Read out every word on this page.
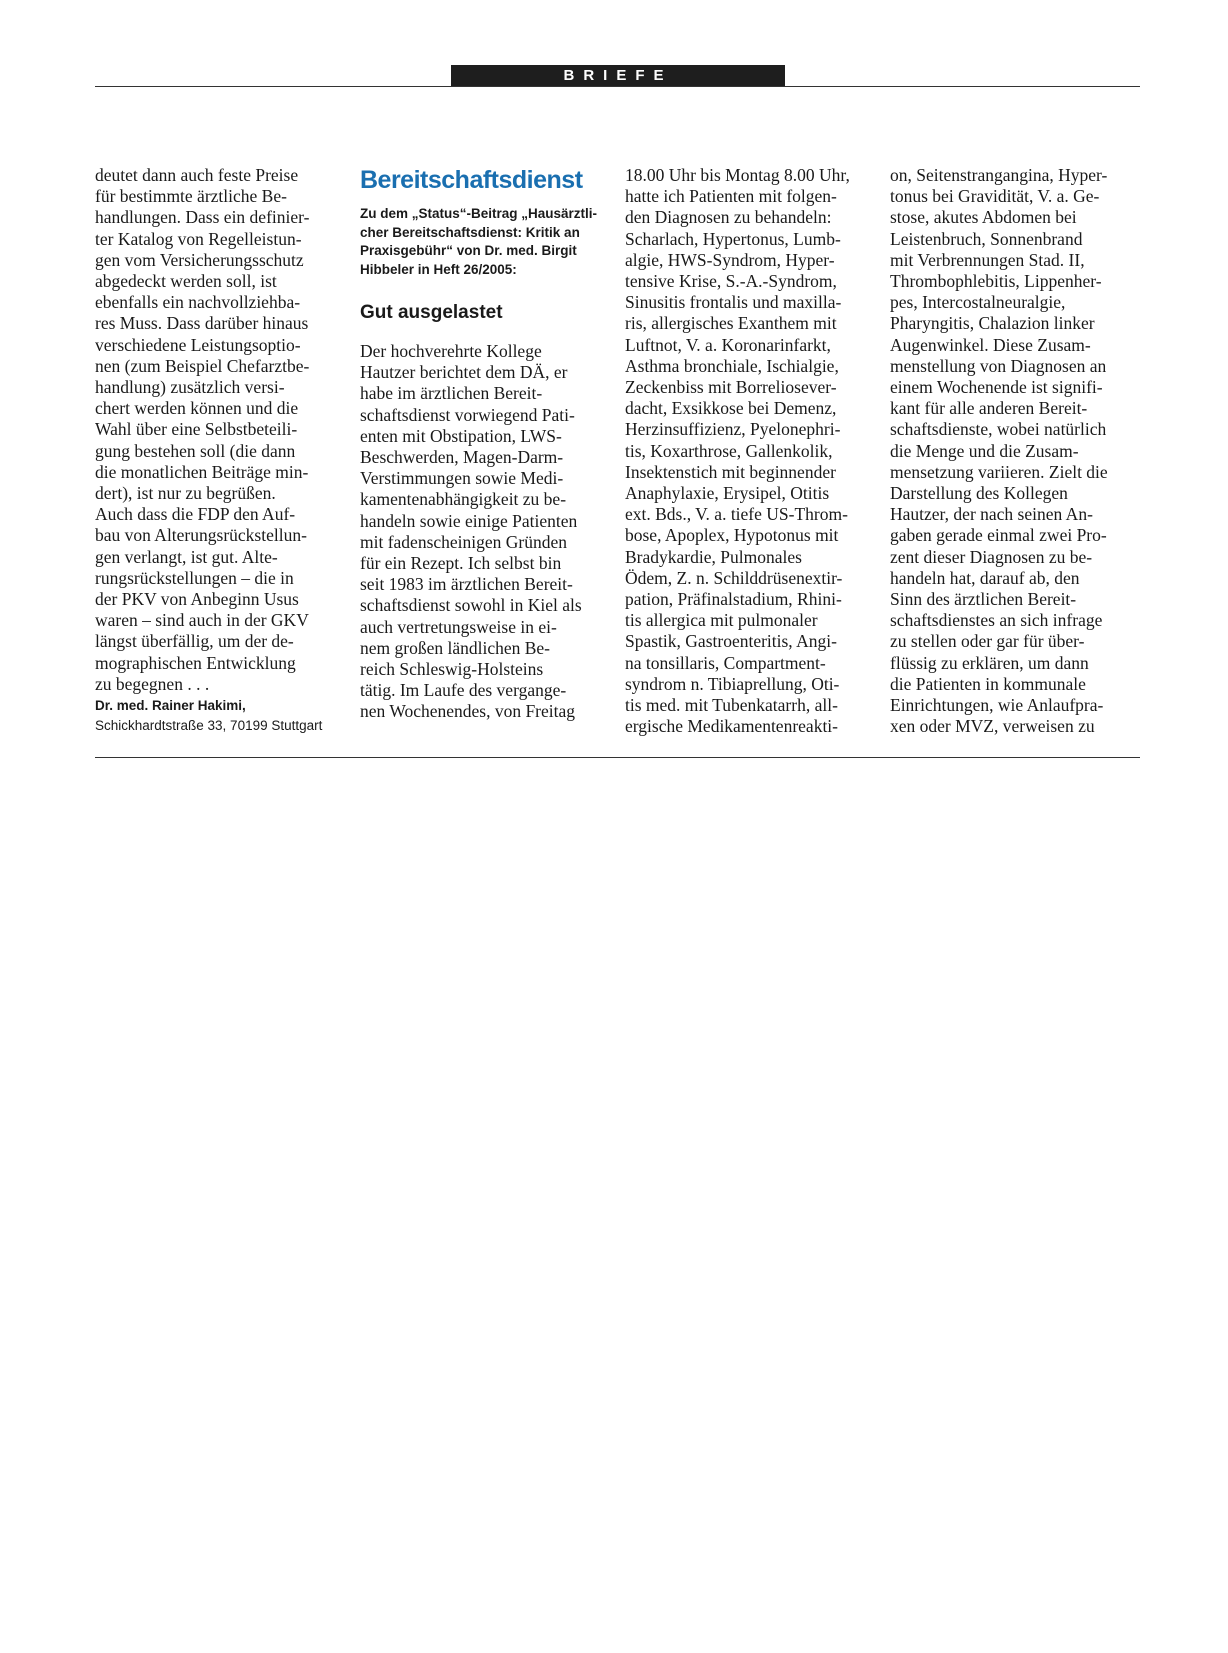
BRIEFE
deutet dann auch feste Preise
für bestimmte ärztliche Be-
handlungen. Dass ein definier-
ter Katalog von Regelleistun-
gen vom Versicherungsschutz
abgedeckt werden soll, ist
ebenfalls ein nachvollziehba-
res Muss. Dass darüber hinaus
verschiedene Leistungsoptio-
nen (zum Beispiel Chefarztbe-
handlung) zusätzlich versi-
chert werden können und die
Wahl über eine Selbstbeteili-
gung bestehen soll (die dann
die monatlichen Beiträge min-
dert), ist nur zu begrüßen.
Auch dass die FDP den Auf-
bau von Alterungsrückstellun-
gen verlangt, ist gut. Alte-
rungsrückstellungen – die in
der PKV von Anbeginn Usus
waren – sind auch in der GKV
längst überfällig, um der de-
mographischen Entwicklung
zu begegnen . . .
Dr. med. Rainer Hakimi,
Schickhardtstraße 33, 70199 Stuttgart
Bereitschaftsdienst
Zu dem „Status“-Beitrag „Hausärztli-
cher Bereitschaftsdienst: Kritik an
Praxisgebühr“ von Dr. med. Birgit
Hibbeler in Heft 26/2005:
Gut ausgelastet
Der hochverehrte Kollege
Hautzer berichtet dem DÄ, er
habe im ärztlichen Bereit-
schaftsdienst vorwiegend Pati-
enten mit Obstipation, LWS-
Beschwerden, Magen-Darm-
Verstimmungen sowie Medi-
kamentenabhängigkeit zu be-
handeln sowie einige Patienten
mit fadenscheinigen Gründen
für ein Rezept. Ich selbst bin
seit 1983 im ärztlichen Bereit-
schaftsdienst sowohl in Kiel als
auch vertretungsweise in ei-
nem großen ländlichen Be-
reich Schleswig-Holsteins
tätig. Im Laufe des vergange-
nen Wochenendes, von Freitag
18.00 Uhr bis Montag 8.00 Uhr,
hatte ich Patienten mit folgen-
den Diagnosen zu behandeln:
Scharlach, Hypertonus, Lumb-
algie, HWS-Syndrom, Hyper-
tensive Krise, S.-A.-Syndrom,
Sinusitis frontalis und maxilla-
ris, allergisches Exanthem mit
Luftnot, V. a. Koronarinfarkt,
Asthma bronchiale, Ischialgie,
Zeckenbiss mit Borreliosever-
dacht, Exsikkose bei Demenz,
Herzinsuffizienz, Pyelonephri-
tis, Koxarthrose, Gallenkolik,
Insektenstich mit beginnender
Anaphylaxie, Erysipel, Otitis
ext. Bds., V. a. tiefe US-Throm-
bose, Apoplex, Hypotonus mit
Bradykardie, Pulmonales
Ödem, Z. n. Schilddrüsenextir-
pation, Präfinalstadium, Rhini-
tis allergica mit pulmonaler
Spastik, Gastroenteritis, Angi-
na tonsillaris, Compartment-
syndrom n. Tibiaprellung, Oti-
tis med. mit Tubenkatarrh, all-
ergische Medikamentenreakti-
on, Seitenstrangangina, Hyper-
tonus bei Gravidität, V. a. Ge-
stose, akutes Abdomen bei
Leistenbruch, Sonnenbrand
mit Verbrennungen Stad. II,
Thrombophlebitis, Lippenher-
pes, Intercostalneuralgie,
Pharyngitis, Chalazion linker
Augenwinkel. Diese Zusam-
menstellung von Diagnosen an
einem Wochenende ist signifi-
kant für alle anderen Bereit-
schaftsdienste, wobei natürlich
die Menge und die Zusam-
mensetzung variieren. Zielt die
Darstellung des Kollegen
Hautzer, der nach seinen An-
gaben gerade einmal zwei Pro-
zent dieser Diagnosen zu be-
handeln hat, darauf ab, den
Sinn des ärztlichen Bereit-
schaftsdienstes an sich infrage
zu stellen oder gar für über-
flüssig zu erklären, um dann
die Patienten in kommunale
Einrichtungen, wie Anlaufpra-
xen oder MVZ, verweisen zu
